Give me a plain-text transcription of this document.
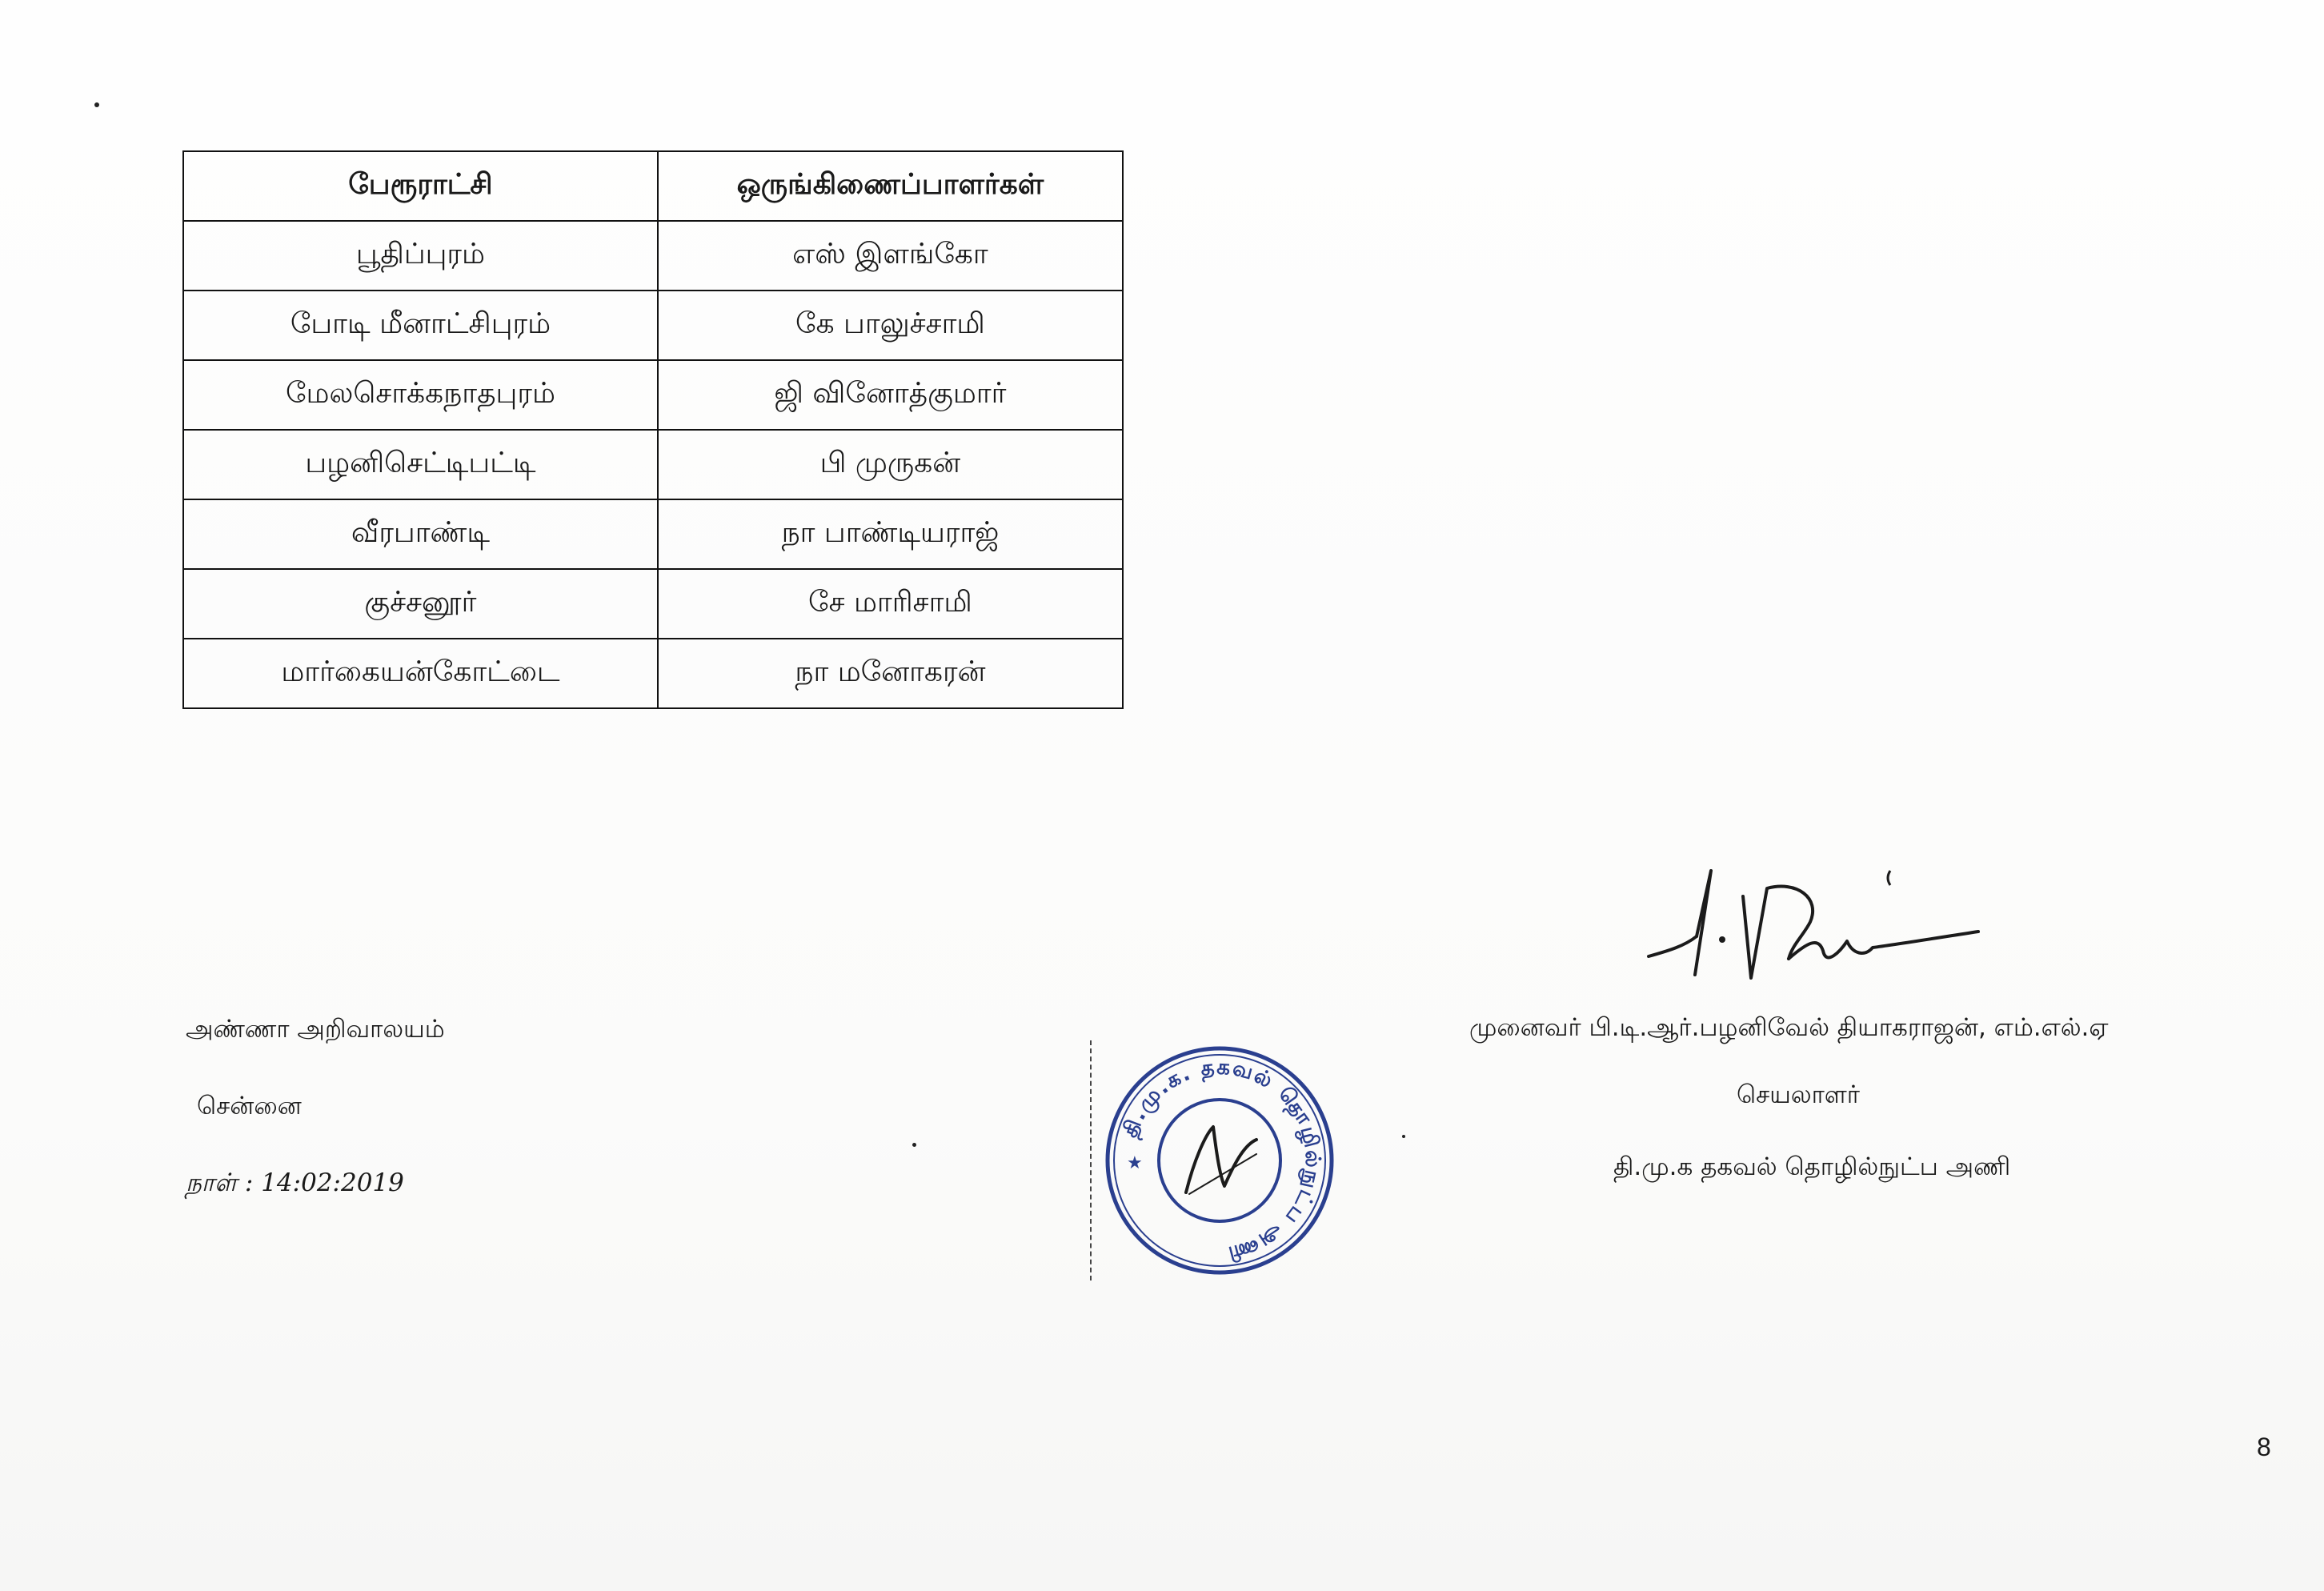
பேரூராட்சி	ஒருங்கிணைப்பாளர்கள்
பூதிப்புரம்	எஸ் இளங்கோ
போடி மீனாட்சிபுரம்	கே பாலுச்சாமி
மேலசொக்கநாதபுரம்	ஜி வினோத்குமார்
பழனிசெட்டிபட்டி	பி முருகன்
வீரபாண்டி	நா பாண்டியராஜ்
குச்சனூர்	சே மாரிசாமி
மார்கையன்கோட்டை	நா மனோகரன்
அண்ணா அறிவாலயம்
சென்னை
நாள் : 14:02:2019
தி.மு.க. தகவல் தொழில்நுட்ப அணி
★
முனைவர் பி.டி.ஆர்.பழனிவேல் தியாகராஜன், எம்.எல்.ஏ
செயலாளர்
தி.மு.க தகவல் தொழில்நுட்ப அணி
8
